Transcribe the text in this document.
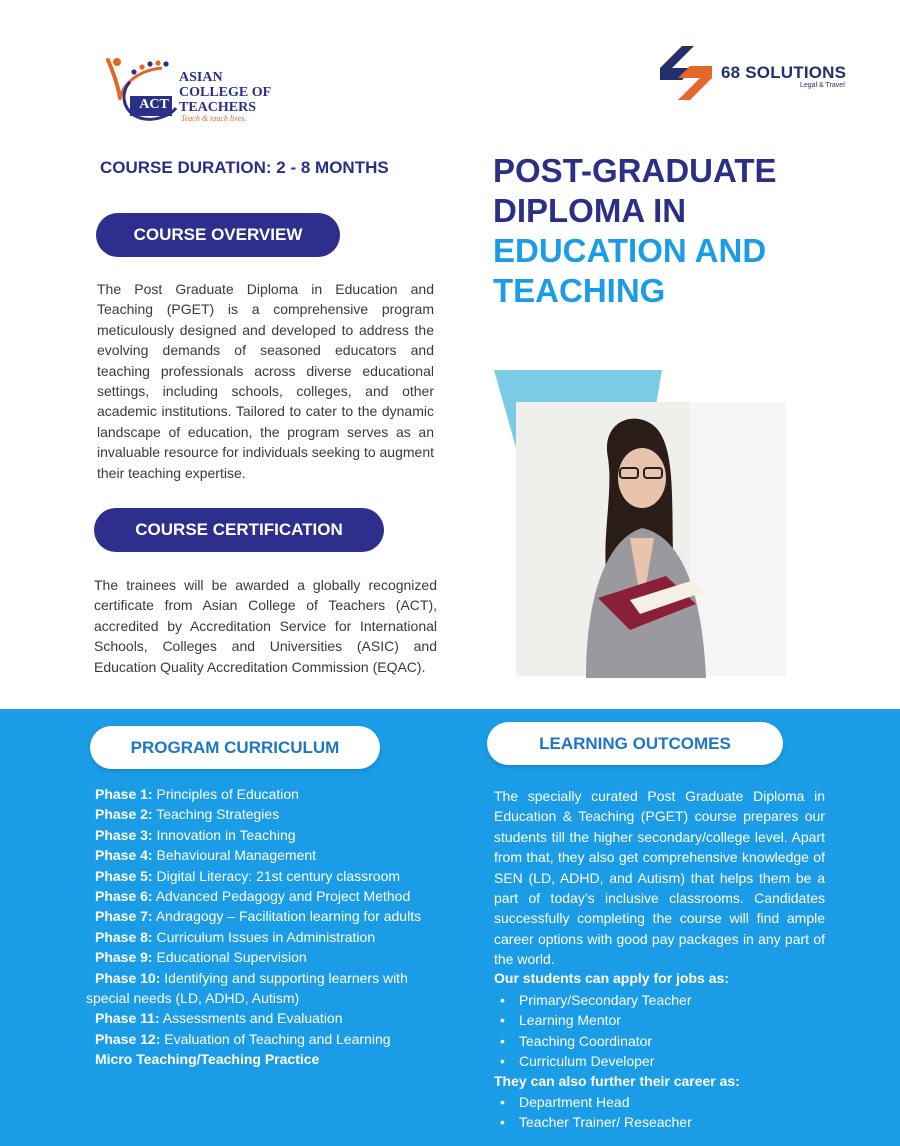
ACT
ASIAN
COLLEGE OF
TEACHERS
Teach & touch lives.
68 SOLUTIONS
Legal & Travel
COURSE DURATION: 2 - 8 MONTHS	POST-GRADUATE
DIPLOMA IN
EDUCATION AND
TEACHING
COURSE OVERVIEW
The Post Graduate Diploma in Education and Teaching (PGET) is a comprehensive program meticulously designed and developed to address the evolving demands of seasoned educators and teaching professionals across diverse educational settings, including schools, colleges, and other academic institutions. Tailored to cater to the dynamic landscape of education, the program serves as an invaluable resource for individuals seeking to augment their teaching expertise.
COURSE CERTIFICATION
The trainees will be awarded a globally recognized certificate from Asian College of Teachers (ACT), accredited by Accreditation Service for International Schools, Colleges and Universities (ASIC) and Education Quality Accreditation Commission (EQAC).
PROGRAM CURRICULUM	LEARNING OUTCOMES
Phase 1: Principles of Education
Phase 2: Teaching Strategies
Phase 3: Innovation in Teaching
Phase 4: Behavioural Management
Phase 5: Digital Literacy: 21st century classroom
Phase 6: Advanced Pedagogy and Project Method
Phase 7: Andragogy – Facilitation learning for adults
Phase 8: Curriculum Issues in Administration
Phase 9: Educational Supervision
Phase 10: Identifying and supporting learners with special needs (LD, ADHD, Autism)
Phase 11: Assessments and Evaluation
Phase 12: Evaluation of Teaching and Learning
Micro Teaching/Teaching Practice
The specially curated Post Graduate Diploma in Education & Teaching (PGET) course prepares our students till the higher secondary/college level. Apart from that, they also get comprehensive knowledge of SEN (LD, ADHD, and Autism) that helps them be a part of today’s inclusive classrooms. Candidates successfully completing the course will find ample career options with good pay packages in any part of the world.
Our students can apply for jobs as:
• Primary/Secondary Teacher
• Learning Mentor
• Teaching Coordinator
• Curriculum Developer
They can also further their career as:
• Department Head
• Teacher Trainer/ Reseacher
